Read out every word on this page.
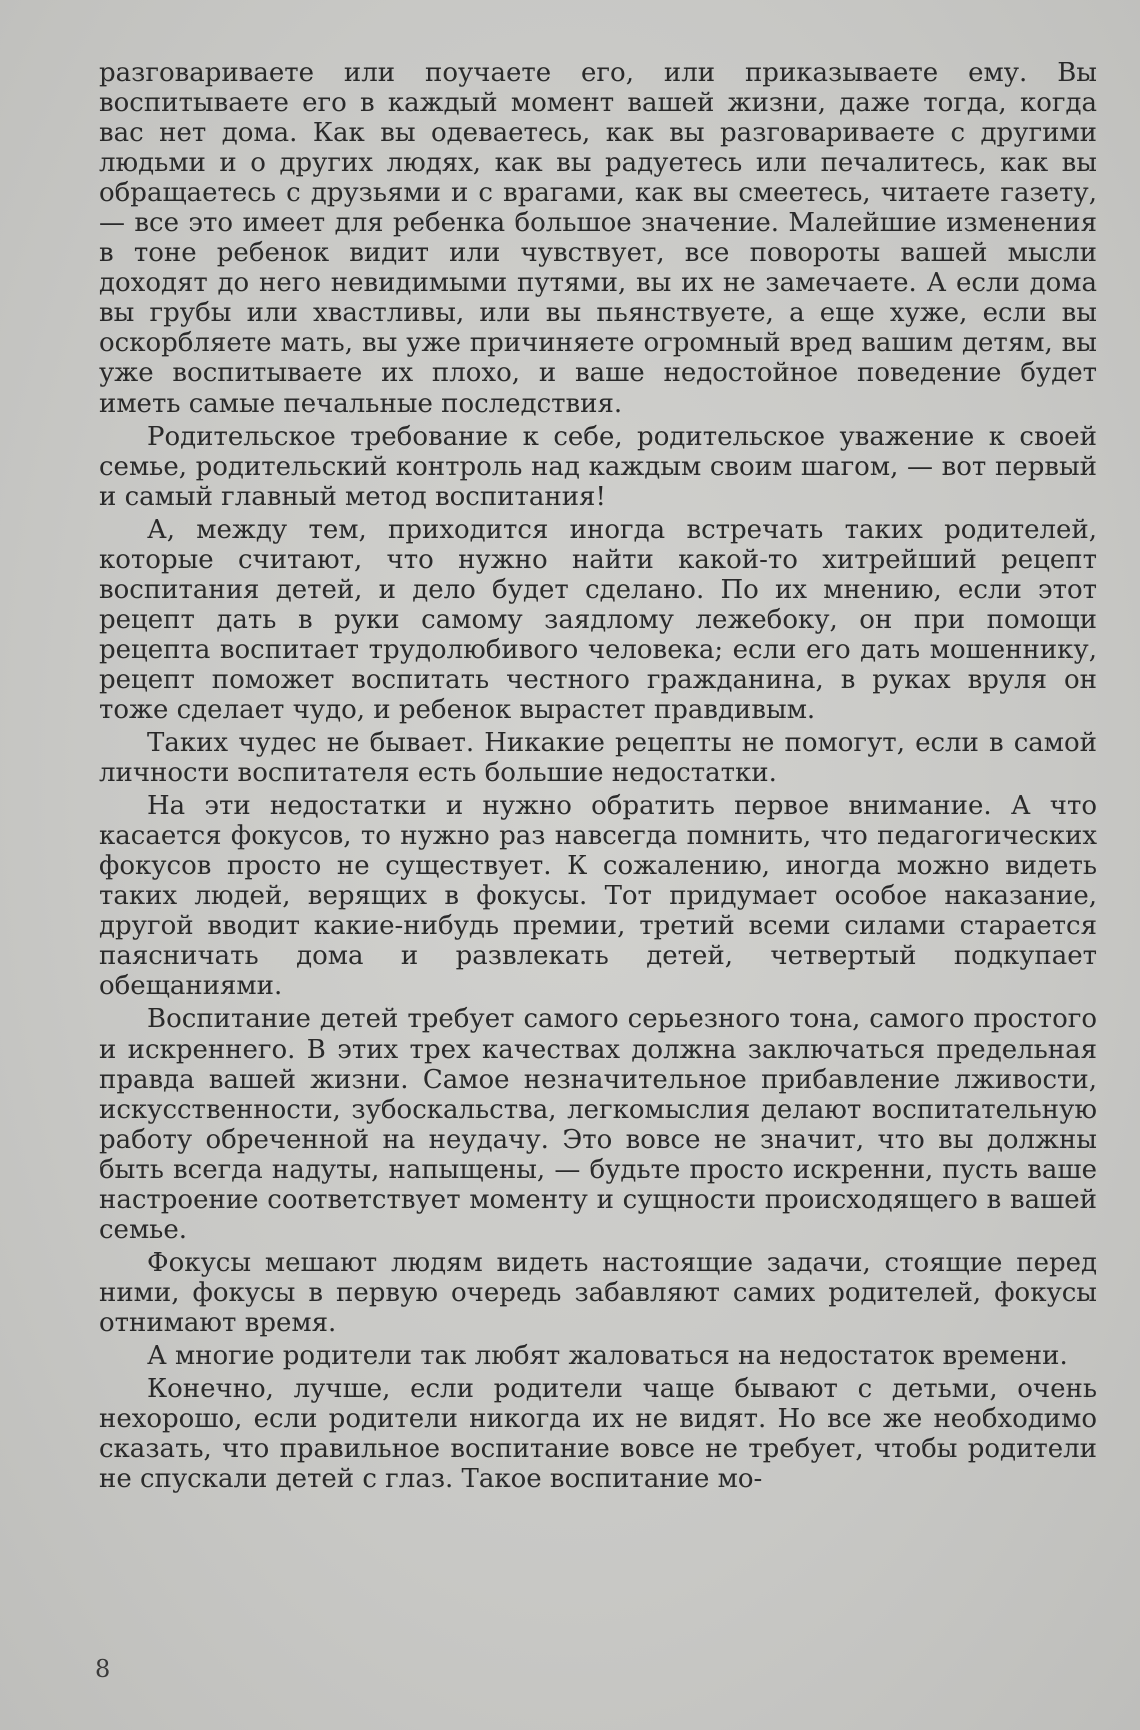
разговариваете или поучаете его, или приказываете ему. Вы воспитываете его в каждый момент вашей жизни, даже тогда, когда вас нет дома. Как вы одеваетесь, как вы разговариваете с другими людьми и о других людях, как вы радуетесь или печалитесь, как вы обращаетесь с друзьями и с врагами, как вы смеетесь, читаете газету, — все это имеет для ребенка большое значение. Малейшие изменения в тоне ребенок видит или чувствует, все повороты вашей мысли доходят до него невидимыми путями, вы их не замечаете. А если дома вы грубы или хвастливы, или вы пьянствуете, а еще хуже, если вы оскорбляете мать, вы уже причиняете огромный вред вашим детям, вы уже воспитываете их плохо, и ваше недостойное поведение будет иметь самые печальные последствия.

Родительское требование к себе, родительское уважение к своей семье, родительский контроль над каждым своим шагом, — вот первый и самый главный метод воспитания!

А, между тем, приходится иногда встречать таких родителей, которые считают, что нужно найти какой-то хитрейший рецепт воспитания детей, и дело будет сделано. По их мнению, если этот рецепт дать в руки самому заядлому лежебоку, он при помощи рецепта воспитает трудолюбивого человека; если его дать мошеннику, рецепт поможет воспитать честного гражданина, в руках вруля он тоже сделает чудо, и ребенок вырастет правдивым.

Таких чудес не бывает. Никакие рецепты не помогут, если в самой личности воспитателя есть большие недостатки.

На эти недостатки и нужно обратить первое внимание. А что касается фокусов, то нужно раз навсегда помнить, что педагогических фокусов просто не существует. К сожалению, иногда можно видеть таких людей, верящих в фокусы. Тот придумает особое наказание, другой вводит какие-нибудь премии, третий всеми силами старается паясничать дома и развлекать детей, четвертый подкупает обещаниями.

Воспитание детей требует самого серьезного тона, самого простого и искреннего. В этих трех качествах должна заключаться предельная правда вашей жизни. Самое незначительное прибавление лживости, искусственности, зубоскальства, легкомыслия делают воспитательную работу обреченной на неудачу. Это вовсе не значит, что вы должны быть всегда надуты, напыщены, — будьте просто искренни, пусть ваше настроение соответствует моменту и сущности происходящего в вашей семье.

Фокусы мешают людям видеть настоящие задачи, стоящие перед ними, фокусы в первую очередь забавляют самих родителей, фокусы отнимают время.

А многие родители так любят жаловаться на недостаток времени.

Конечно, лучше, если родители чаще бывают с детьми, очень нехорошо, если родители никогда их не видят. Но все же необходимо сказать, что правильное воспитание вовсе не требует, чтобы родители не спускали детей с глаз. Такое воспитание мо-

8
